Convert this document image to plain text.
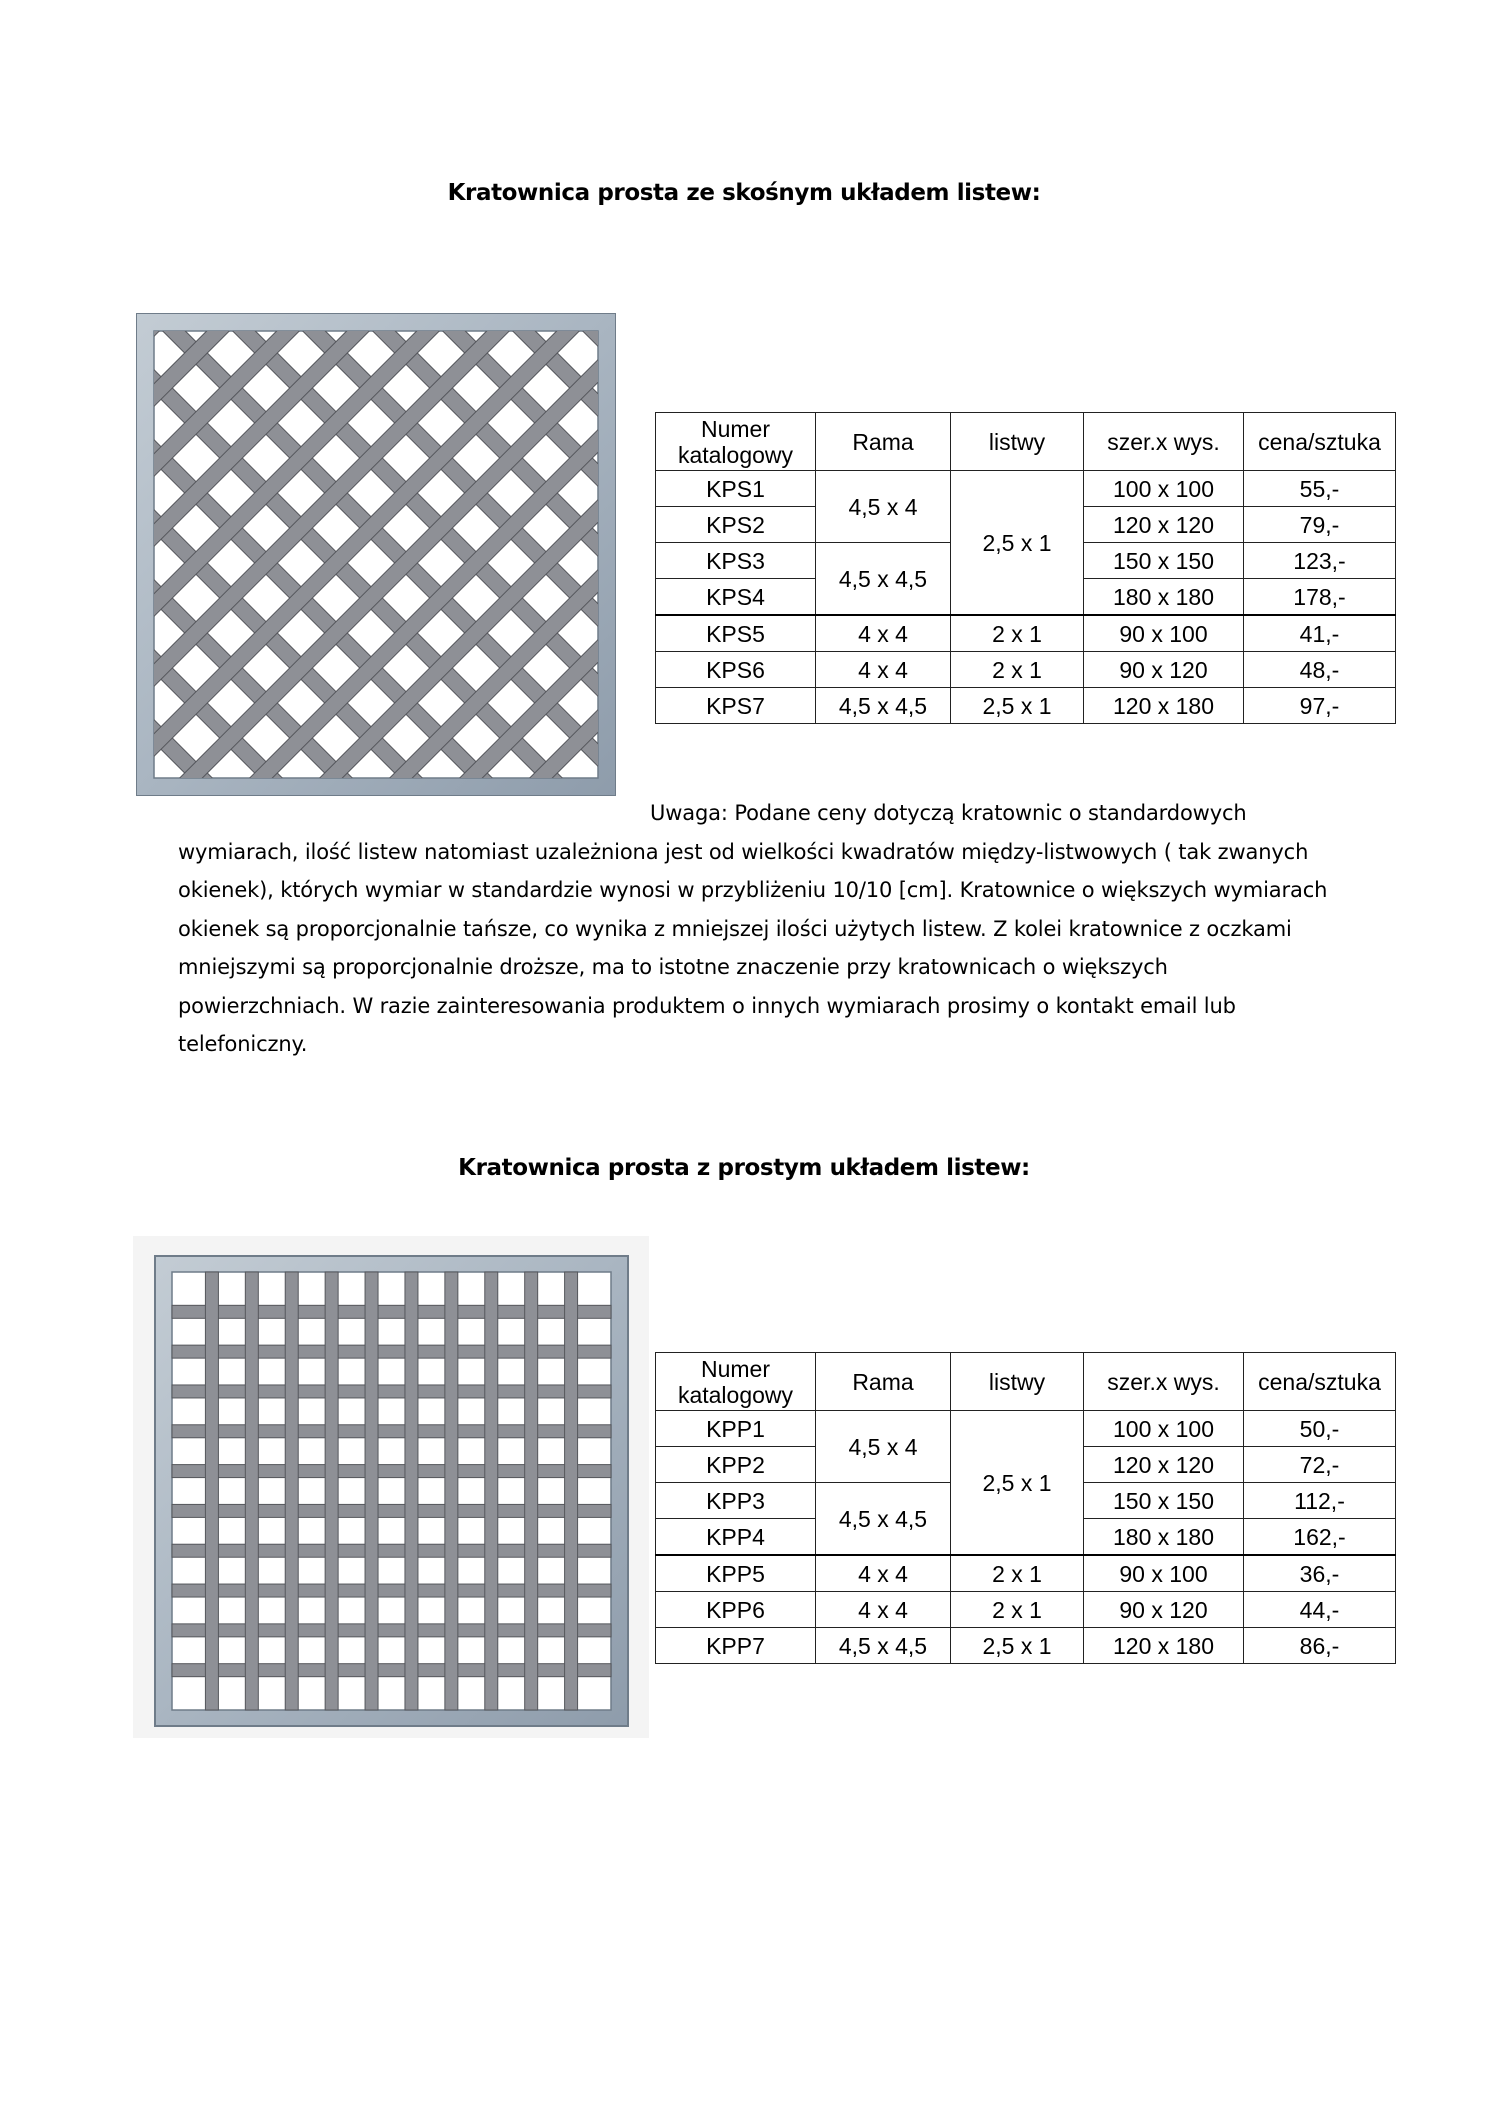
Kratownica prosta ze skośnym układem listew:
Numer katalogowy	Rama	listwy	szer.x wys.	cena/sztuka
KPS1	4,5 x 4	2,5 x 1	100 x 100	55,-
KPS2			120 x 120	79,-
KPS3	4,5 x 4,5		150 x 150	123,-
KPS4			180 x 180	178,-
KPS5	4 x 4	2 x 1	90 x 100	41,-
KPS6	4 x 4	2 x 1	90 x 120	48,-
KPS7	4,5 x 4,5	2,5 x 1	120 x 180	97,-

Uwaga: Podane ceny dotyczą kratownic o standardowych wymiarach, ilość listew natomiast uzależniona jest od wielkości kwadratów między-listwowych ( tak zwanych okienek), których wymiar w standardzie wynosi w przybliżeniu 10/10 [cm]. Kratownice o większych wymiarach okienek są proporcjonalnie tańsze, co wynika z mniejszej ilości użytych listew. Z kolei kratownice z oczkami mniejszymi są proporcjonalnie droższe, ma to istotne znaczenie przy kratownicach o większych powierzchniach. W razie zainteresowania produktem o innych wymiarach prosimy o kontakt email lub telefoniczny.

Kratownica prosta z prostym układem listew:
Numer katalogowy	Rama	listwy	szer.x wys.	cena/sztuka
KPP1	4,5 x 4	2,5 x 1	100 x 100	50,-
KPP2			120 x 120	72,-
KPP3	4,5 x 4,5		150 x 150	112,-
KPP4			180 x 180	162,-
KPP5	4 x 4	2 x 1	90 x 100	36,-
KPP6	4 x 4	2 x 1	90 x 120	44,-
KPP7	4,5 x 4,5	2,5 x 1	120 x 180	86,-
